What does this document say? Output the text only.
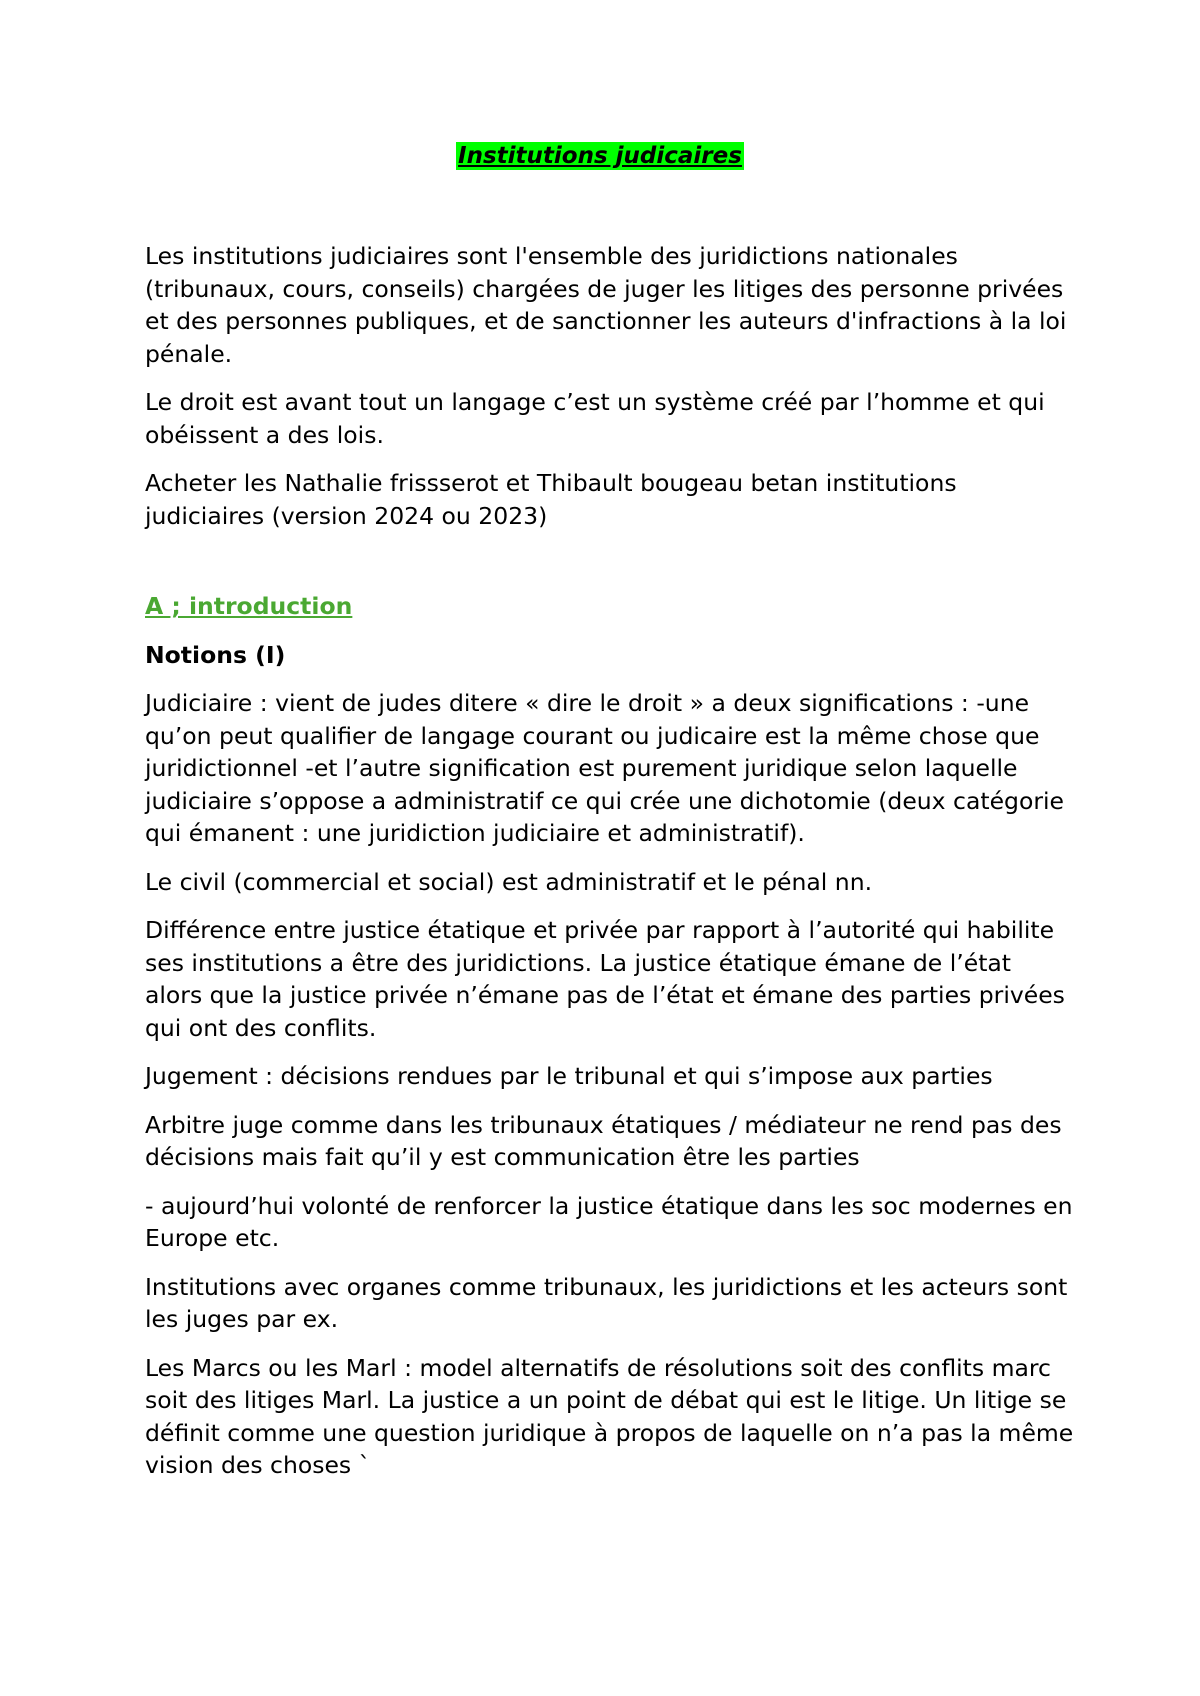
Institutions judicaires

Les institutions judiciaires sont l'ensemble des juridictions nationales (tribunaux, cours, conseils) chargées de juger les litiges des personne privées et des personnes publiques, et de sanctionner les auteurs d'infractions à la loi pénale.

Le droit est avant tout un langage c’est un système créé par l’homme et qui obéissent a des lois.

Acheter les Nathalie frissserot et Thibault bougeau betan institutions judiciaires (version 2024 ou 2023)

A ; introduction

Notions (I)

Judiciaire : vient de judes ditere « dire le droit » a deux significations : -une qu’on peut qualifier de langage courant ou judicaire est la même chose que juridictionnel -et l’autre signification est purement juridique selon laquelle judiciaire s’oppose a administratif ce qui crée une dichotomie (deux catégorie qui émanent : une juridiction judiciaire et administratif).

Le civil (commercial et social) est administratif et le pénal nn.

Différence entre justice étatique et privée par rapport à l’autorité qui habilite ses institutions a être des juridictions. La justice étatique émane de l’état alors que la justice privée n’émane pas de l’état et émane des parties privées qui ont des conflits.

Jugement : décisions rendues par le tribunal et qui s’impose aux parties

Arbitre juge comme dans les tribunaux étatiques / médiateur ne rend pas des décisions mais fait qu’il y est communication être les parties

- aujourd’hui volonté de renforcer la justice étatique dans les soc modernes en Europe etc.

Institutions avec organes comme tribunaux, les juridictions et les acteurs sont les juges par ex.

Les Marcs ou les Marl : model alternatifs de résolutions soit des conflits marc soit des litiges Marl. La justice a un point de débat qui est le litige. Un litige se définit comme une question juridique à propos de laquelle on n’a pas la même vision des choses `
